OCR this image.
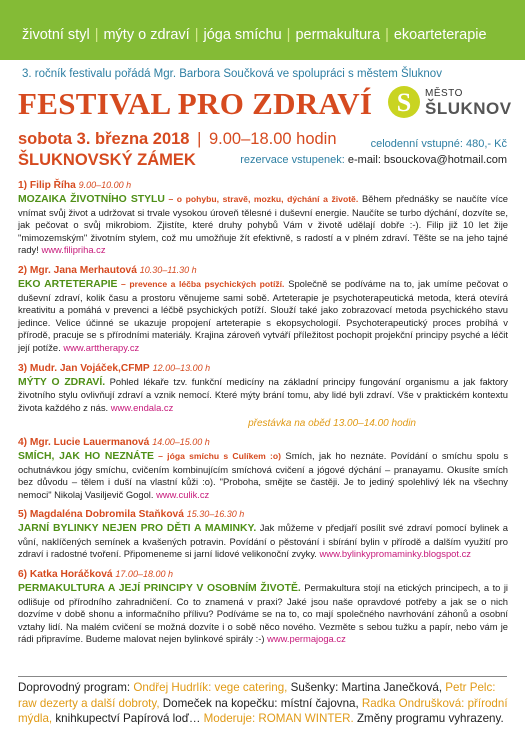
životní styl | mýty o zdraví | jóga smíchu | permakultura | ekoarteterapie
3. ročník festivalu pořádá Mgr. Barbora Součková ve spolupráci s městem Šluknov
FESTIVAL PRO ZDRAVÍ S	MĚSTO
ŠLUKNOV
sobota 3. března 2018 | 9.00–18.00 hodin
ŠLUKNOVSKÝ ZÁMEK
celodenní vstupné: 480,- Kč
rezervace vstupenek: e-mail: bsouckova@hotmail.com
1) Filip Říha 9.00–10.00 h
MOZAIKA ŽIVOTNÍHO STYLU – o pohybu, stravě, mozku, dýchání a životě. Během přednášky se naučíte více vnímat svůj život a udržovat si trvale vysokou úroveň tělesné i duševní energie. Naučíte se turbo dýchání, dozvíte se, jak pečovat o svůj mikrobiom. Zjistíte, které druhy pohybů Vám v životě udělají dobře :-). Filip již 10 let žije "mimozemským" životním stylem, což mu umožňuje žít efektivně, s radostí a v plném zdraví. Těšte se na jeho tajné rady! www.filipriha.cz
2) Mgr. Jana Merhautová 10.30–11.30 h
EKO ARTETERAPIE – prevence a léčba psychických potíží. Společně se podíváme na to, jak umíme pečovat o duševní zdraví, kolik času a prostoru věnujeme sami sobě. Arteterapie je psychoterapeutická metoda, která otevírá kreativitu a pomáhá v prevenci a léčbě psychických potíží. Slouží také jako zobrazovací metoda psychického stavu jedince. Velice účinné se ukazuje propojení arteterapie s ekopsychologií. Psychoterapeutický proces probíhá v přírodě, pracuje se s přírodními materiály. Krajina zároveň vytváří příležitost pochopit projekční principy psyché a léčit její potíže. www.arttherapy.cz
3) Mudr. Jan Vojáček,CFMP 12.00–13.00 h
MÝTY O ZDRAVÍ. Pohled lékaře tzv. funkční medicíny na základní principy fungování organismu a jak faktory životního stylu ovlivňují zdraví a vznik nemocí. Které mýty brání tomu, aby lidé byli zdraví. Vše v praktickém kontextu života každého z nás. www.endala.cz
přestávka na oběd 13.00–14.00 hodin
4) Mgr. Lucie Lauermanová 14.00–15.00 h
SMÍCH, JAK HO NEZNÁTE – jóga smíchu s Culíkem :o) Smích, jak ho neznáte. Povídání o smíchu spolu s ochutnávkou jógy smíchu, cvičením kombinujícím smíchová cvičení a jógové dýchání – pranayamu. Okusíte smích bez důvodu – tělem i duší na vlastní kůži :o). "Proboha, smějte se častěji. Je to jediný spolehlivý lék na všechny nemoci" Nikolaj Vasiljevič Gogol. www.culik.cz
5) Magdaléna Dobromila Staňková 15.30–16.30 h
JARNÍ BYLINKY NEJEN PRO DĚTI A MAMINKY. Jak můžeme v předjaří posílit své zdraví pomocí bylinek a vůní, naklíčených semínek a kvašených potravin. Povídání o pěstování i sbírání bylin v přírodě a dalším využití pro zdraví i radostné tvoření. Připomeneme si jarní lidové velikonoční zvyky. www.bylinkypromaminky.blogspot.cz
6) Katka Horáčková 17.00–18.00 h
PERMAKULTURA A JEJÍ PRINCIPY V OSOBNÍM ŽIVOTĚ. Permakultura stojí na etických principech, a to ji odlišuje od přírodního zahradničení. Co to znamená v praxi? Jaké jsou naše opravdové potřeby a jak se o nich dozvíme v době shonu a informačního přílivu? Podíváme se na to, co mají společného navrhování záhonů a osobní vztahy lidí. Na malém cvičení se možná dozvíte i o sobě něco nového. Vezměte s sebou tužku a papír, nebo vám je rádi připravíme. Budeme malovat nejen bylinkové spirály :-) www.permajoga.cz
Doprovodný program: Ondřej Hudrlík: vege catering, Sušenky: Martina Janečková, Petr Pelc: raw dezerty a další dobroty, Domeček na kopečku: místní čajovna, Radka Ondrušková: přírodní mýdla, knihkupectví Papírová loď… Moderuje: ROMAN WINTER. Změny programu vyhrazeny.
